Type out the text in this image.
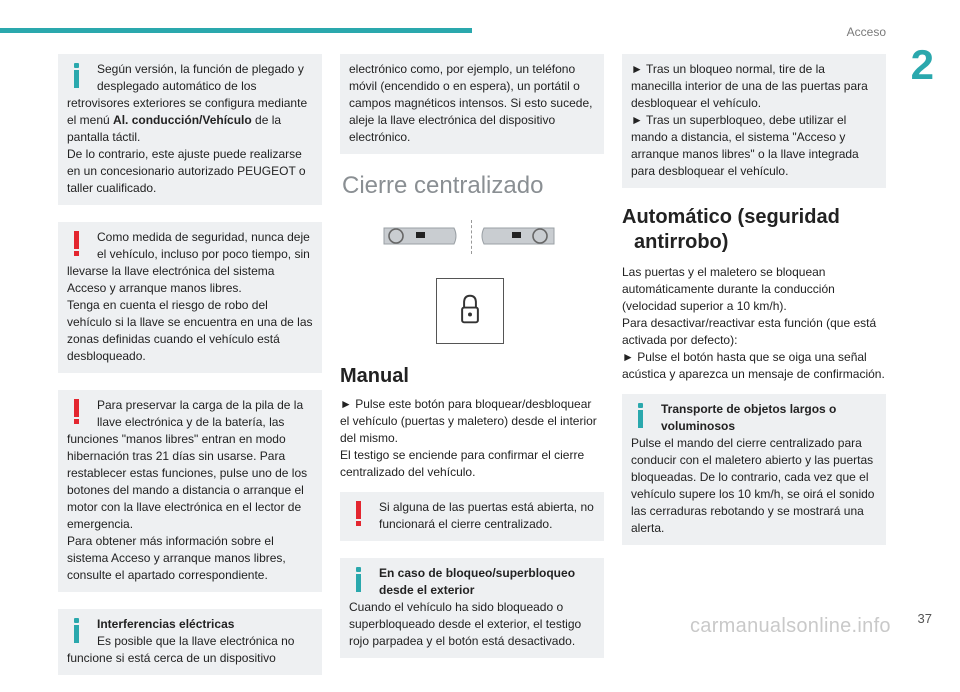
Acceso
2

Según versión, la función de plegado y desplegado automático de los retrovisores exteriores se configura mediante el menú Al. conducción/Vehículo de la pantalla táctil.

De lo contrario, este ajuste puede realizarse en un concesionario autorizado PEUGEOT o taller cualificado.

Como medida de seguridad, nunca deje el vehículo, incluso por poco tiempo, sin llevarse la llave electrónica del sistema Acceso y arranque manos libres.

Tenga en cuenta el riesgo de robo del vehículo si la llave se encuentra en una de las zonas definidas cuando el vehículo está desbloqueado.

Para preservar la carga de la pila de la llave electrónica y de la batería, las funciones "manos libres" entran en modo hibernación tras 21 días sin usarse. Para restablecer estas funciones, pulse uno de los botones del mando a distancia o arranque el motor con la llave electrónica en el lector de emergencia.

Para obtener más información sobre el sistema Acceso y arranque manos libres, consulte el apartado correspondiente.

Interferencias eléctricas

Es posible que la llave electrónica no funcione si está cerca de un dispositivo

electrónico como, por ejemplo, un teléfono móvil (encendido o en espera), un portátil o campos magnéticos intensos. Si esto sucede, aleje la llave electrónica del dispositivo electrónico.

Cierre centralizado
Manual

► Pulse este botón para bloquear/desbloquear el vehículo (puertas y maletero) desde el interior del mismo.

El testigo se enciende para confirmar el cierre centralizado del vehículo.

Si alguna de las puertas está abierta, no funcionará el cierre centralizado.

En caso de bloqueo/superbloqueo desde el exterior

Cuando el vehículo ha sido bloqueado o superbloqueado desde el exterior, el testigo rojo parpadea y el botón está desactivado.

► Tras un bloqueo normal, tire de la manecilla interior de una de las puertas para desbloquear el vehículo.

► Tras un superbloqueo, debe utilizar el mando a distancia, el sistema "Acceso y arranque manos libres" o la llave integrada para desbloquear el vehículo.

Automático (seguridad
antirrobo)

Las puertas y el maletero se bloquean automáticamente durante la conducción (velocidad superior a 10 km/h).

Para desactivar/reactivar esta función (que está activada por defecto):

► Pulse el botón hasta que se oiga una señal acústica y aparezca un mensaje de confirmación.

Transporte de objetos largos o voluminosos

Pulse el mando del cierre centralizado para conducir con el maletero abierto y las puertas bloqueadas. De lo contrario, cada vez que el vehículo supere los 10 km/h, se oirá el sonido las cerraduras rebotando y se mostrará una alerta.

37
carmanualsonline.info
